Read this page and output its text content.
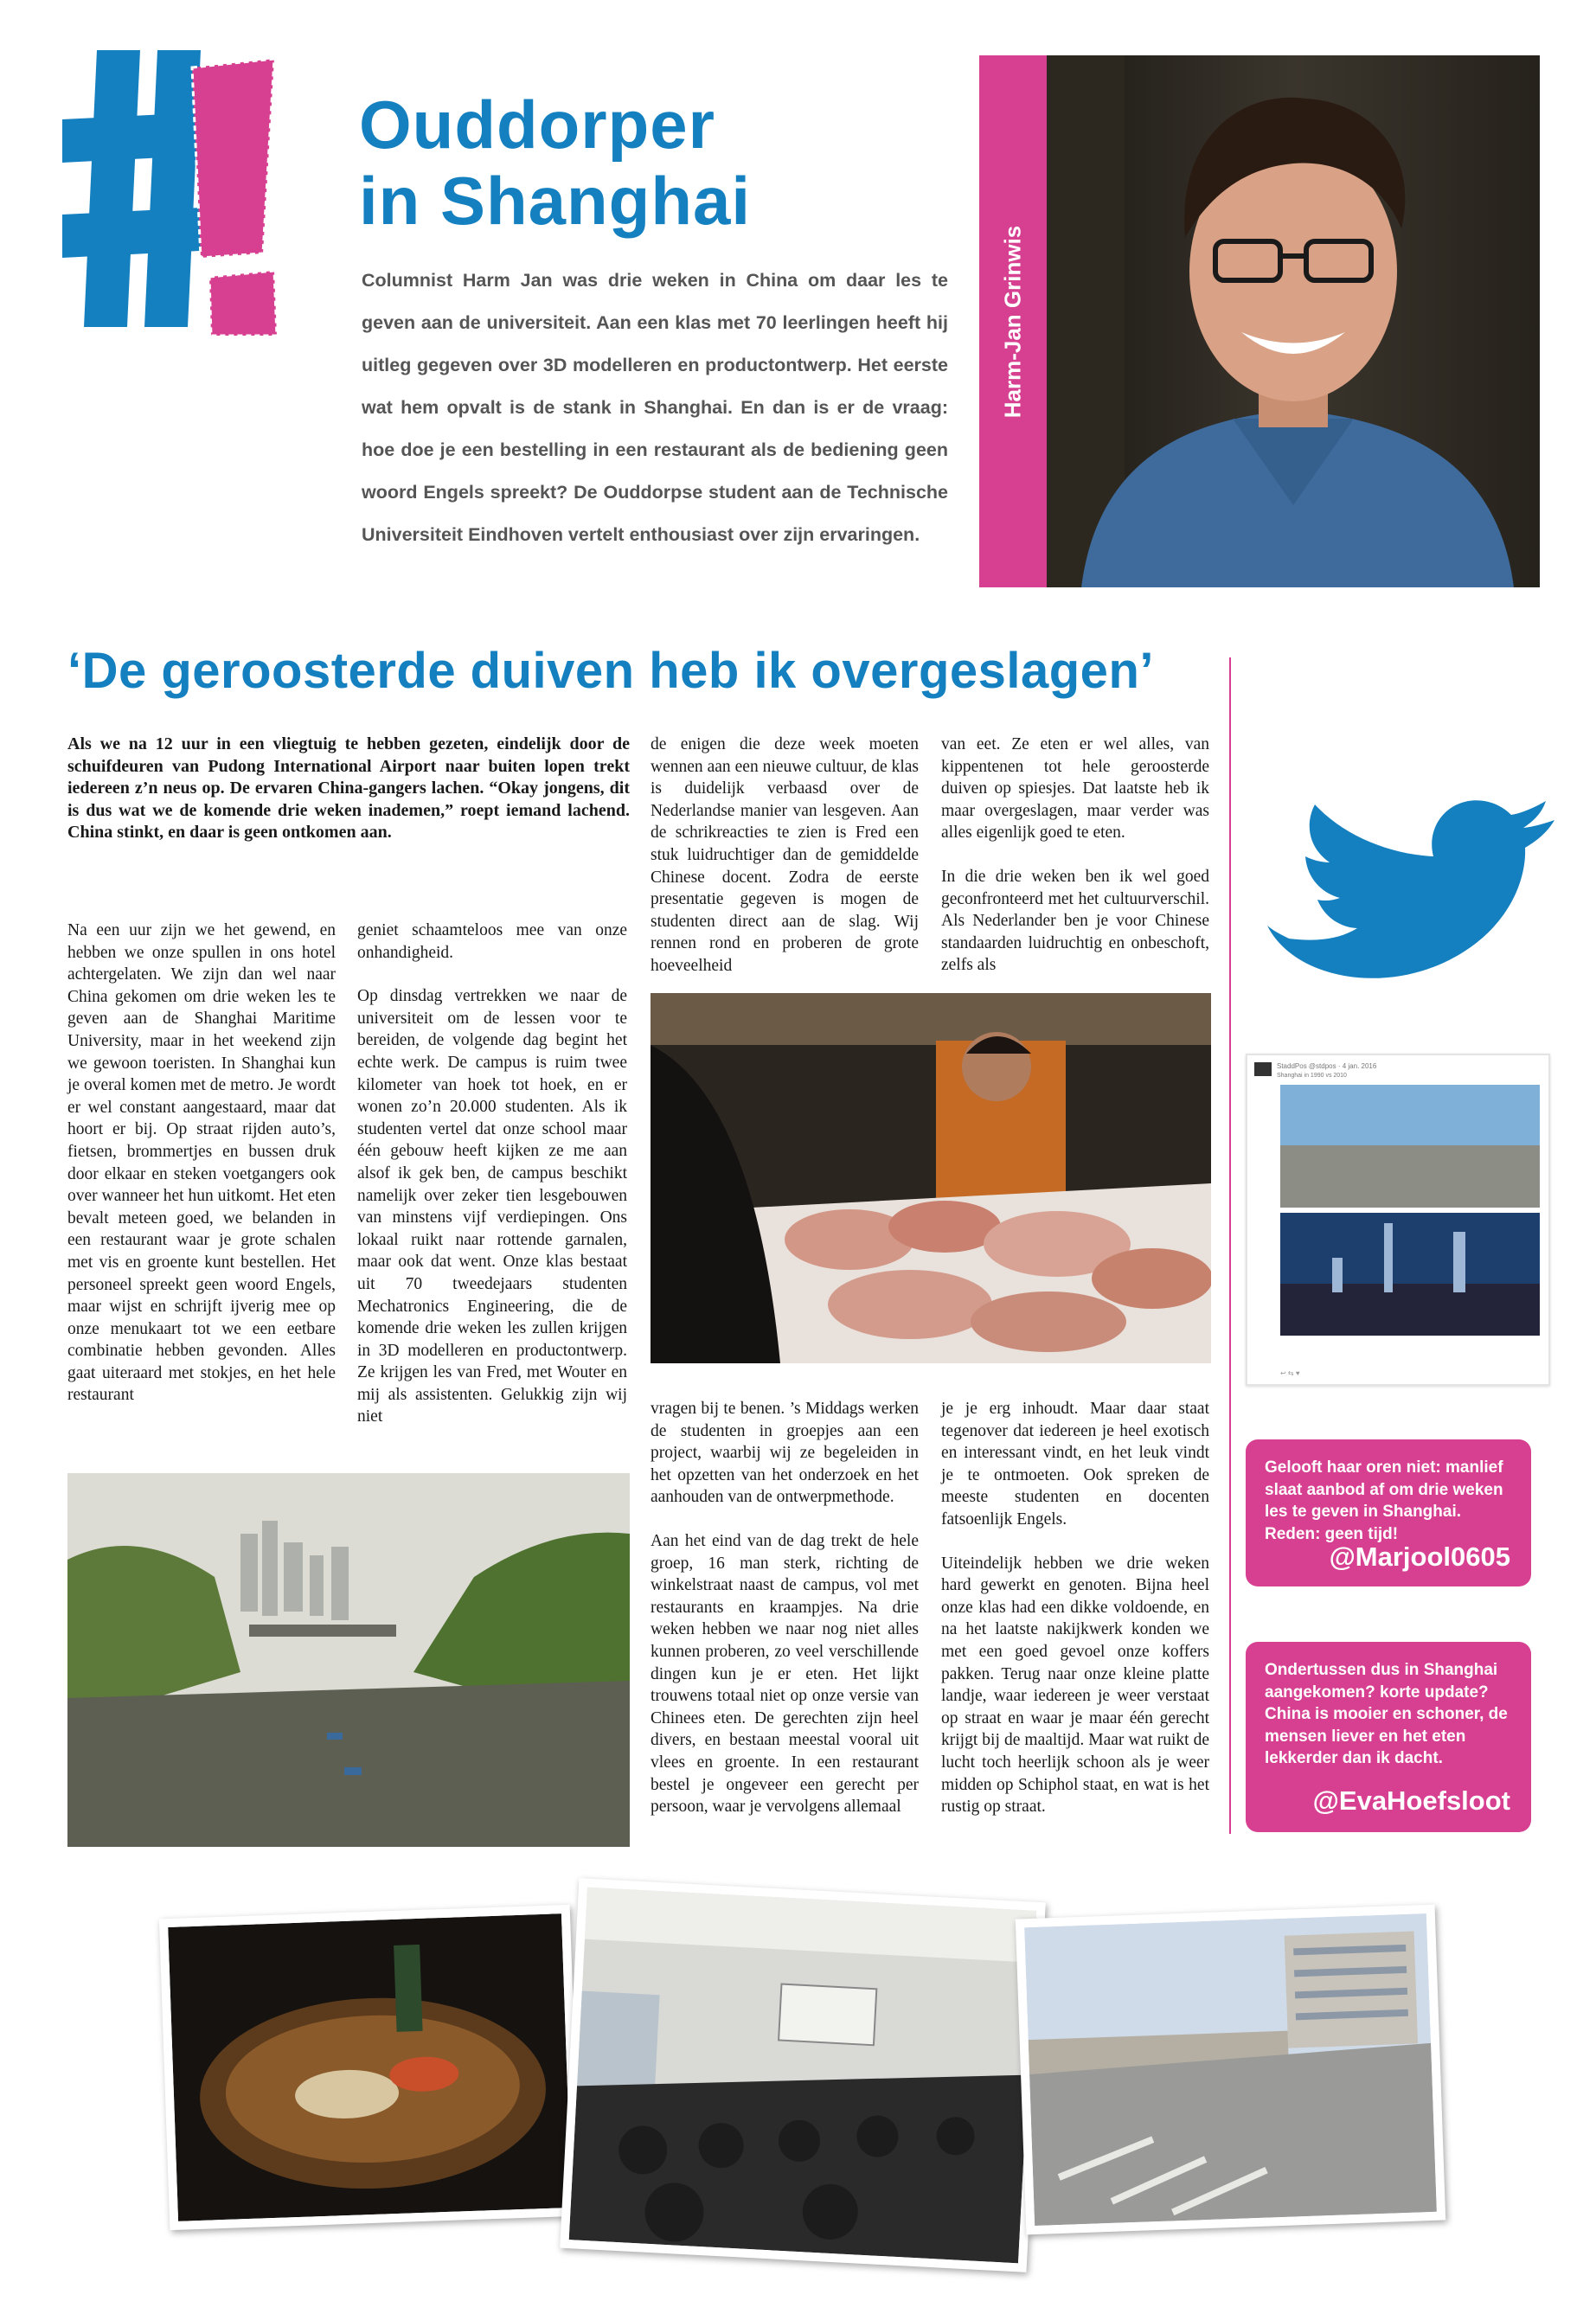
Ouddorper
in Shanghai
Columnist Harm Jan was drie weken in China om daar les te geven aan de universiteit. Aan een klas met 70 leerlingen heeft hij uitleg gegeven over 3D modelleren en productontwerp. Het eerste wat hem opvalt is de stank in Shanghai. En dan is er de vraag: hoe doe je een bestelling in een restaurant als de bediening geen woord Engels spreekt? De Ouddorpse student aan de Technische Universiteit Eindhoven vertelt enthousiast over zijn ervaringen.
Harm-Jan Grinwis
‘De geroosterde duiven heb ik overgeslagen’
Als we na 12 uur in een vliegtuig te hebben gezeten, eindelijk door de schuifdeuren van Pudong International Airport naar buiten lopen trekt iedereen z’n neus op. De ervaren China-gangers lachen. “Okay jongens, dit is dus wat we de komende drie weken inademen,” roept iemand lachend. China stinkt, en daar is geen ontkomen aan.

Na een uur zijn we het gewend, en hebben we onze spullen in ons hotel achtergelaten. We zijn dan wel naar China gekomen om drie weken les te geven aan de Shanghai Maritime University, maar in het weekend zijn we gewoon toeristen. In Shanghai kun je overal komen met de metro. Je wordt er wel constant aangestaard, maar dat hoort er bij. Op straat rijden auto’s, fietsen, brommertjes en bussen druk door elkaar en steken voetgangers ook over wanneer het hun uitkomt. Het eten bevalt meteen goed, we belanden in een restaurant waar je grote schalen met vis en groente kunt bestellen. Het personeel spreekt geen woord Engels, maar wijst en schrijft ijverig mee op onze menukaart tot we een eetbare combinatie hebben gevonden. Alles gaat uiteraard met stokjes, en het hele restaurant

geniet schaamteloos mee van onze onhandigheid.

Op dinsdag vertrekken we naar de universiteit om de lessen voor te bereiden, de volgende dag begint het echte werk. De campus is ruim twee kilometer van hoek tot hoek, en er wonen zo’n 20.000 studenten. Als ik studenten vertel dat onze school maar één gebouw heeft kijken ze me aan alsof ik gek ben, de campus beschikt namelijk over zeker tien lesgebouwen van minstens vijf verdiepingen. Ons lokaal ruikt naar rottende garnalen, maar ook dat went. Onze klas bestaat uit 70 tweedejaars studenten Mechatronics Engineering, die de komende drie weken les zullen krijgen in 3D modelleren en productontwerp. Ze krijgen les van Fred, met Wouter en mij als assistenten. Gelukkig zijn wij niet

de enigen die deze week moeten wennen aan een nieuwe cultuur, de klas is duidelijk verbaasd over de Nederlandse manier van lesgeven. Aan de schrikreacties te zien is Fred een stuk luidruchtiger dan de gemiddelde Chinese docent. Zodra de eerste presentatie gegeven is mogen de studenten direct aan de slag. Wij rennen rond en proberen de grote hoeveelheid

van eet. Ze eten er wel alles, van kippentenen tot hele geroosterde duiven op spiesjes. Dat laatste heb ik maar overgeslagen, maar verder was alles eigenlijk goed te eten.

In die drie weken ben ik wel goed geconfronteerd met het cultuurverschil. Als Nederlander ben je voor Chinese standaarden luidruchtig en onbeschoft, zelfs als

vragen bij te benen. ’s Middags werken de studenten in groepjes aan een project, waarbij wij ze begeleiden in het opzetten van het onderzoek en het aanhouden van de ontwerpmethode.

Aan het eind van de dag trekt de hele groep, 16 man sterk, richting de winkelstraat naast de campus, vol met restaurants en kraampjes. Na drie weken hebben we naar nog niet alles kunnen proberen, zo veel verschillende dingen kun je er eten. Het lijkt trouwens totaal niet op onze versie van Chinees eten. De gerechten zijn heel divers, en bestaan meestal vooral uit vlees en groente. In een restaurant bestel je ongeveer een gerecht per persoon, waar je vervolgens allemaal

je je erg inhoudt. Maar daar staat tegenover dat iedereen je heel exotisch en interessant vindt, en het leuk vindt je te ontmoeten. Ook spreken de meeste studenten en docenten fatsoenlijk Engels.

Uiteindelijk hebben we drie weken hard gewerkt en genoten. Bijna heel onze klas had een dikke voldoende, en na het laatste nakijkwerk konden we met een goed gevoel onze koffers pakken. Terug naar onze kleine platte landje, waar iedereen je weer verstaat op straat en waar je maar één gerecht krijgt bij de maaltijd. Maar wat ruikt de lucht toch heerlijk schoon als je weer midden op Schiphol staat, en wat is het rustig op straat.

StaddPos @stdpos · 4 jan. 2016
Shanghai in 1990 vs 2010
↩ ⇆ ♥
Gelooft haar oren niet: manlief slaat aanbod af om drie weken les te geven in Shanghai. Reden: geen tijd!
@Marjool0605
Ondertussen dus in Shanghai aangekomen? korte update? China is mooier en schoner, de mensen liever en het eten lekkerder dan ik dacht.
@EvaHoefsloot
